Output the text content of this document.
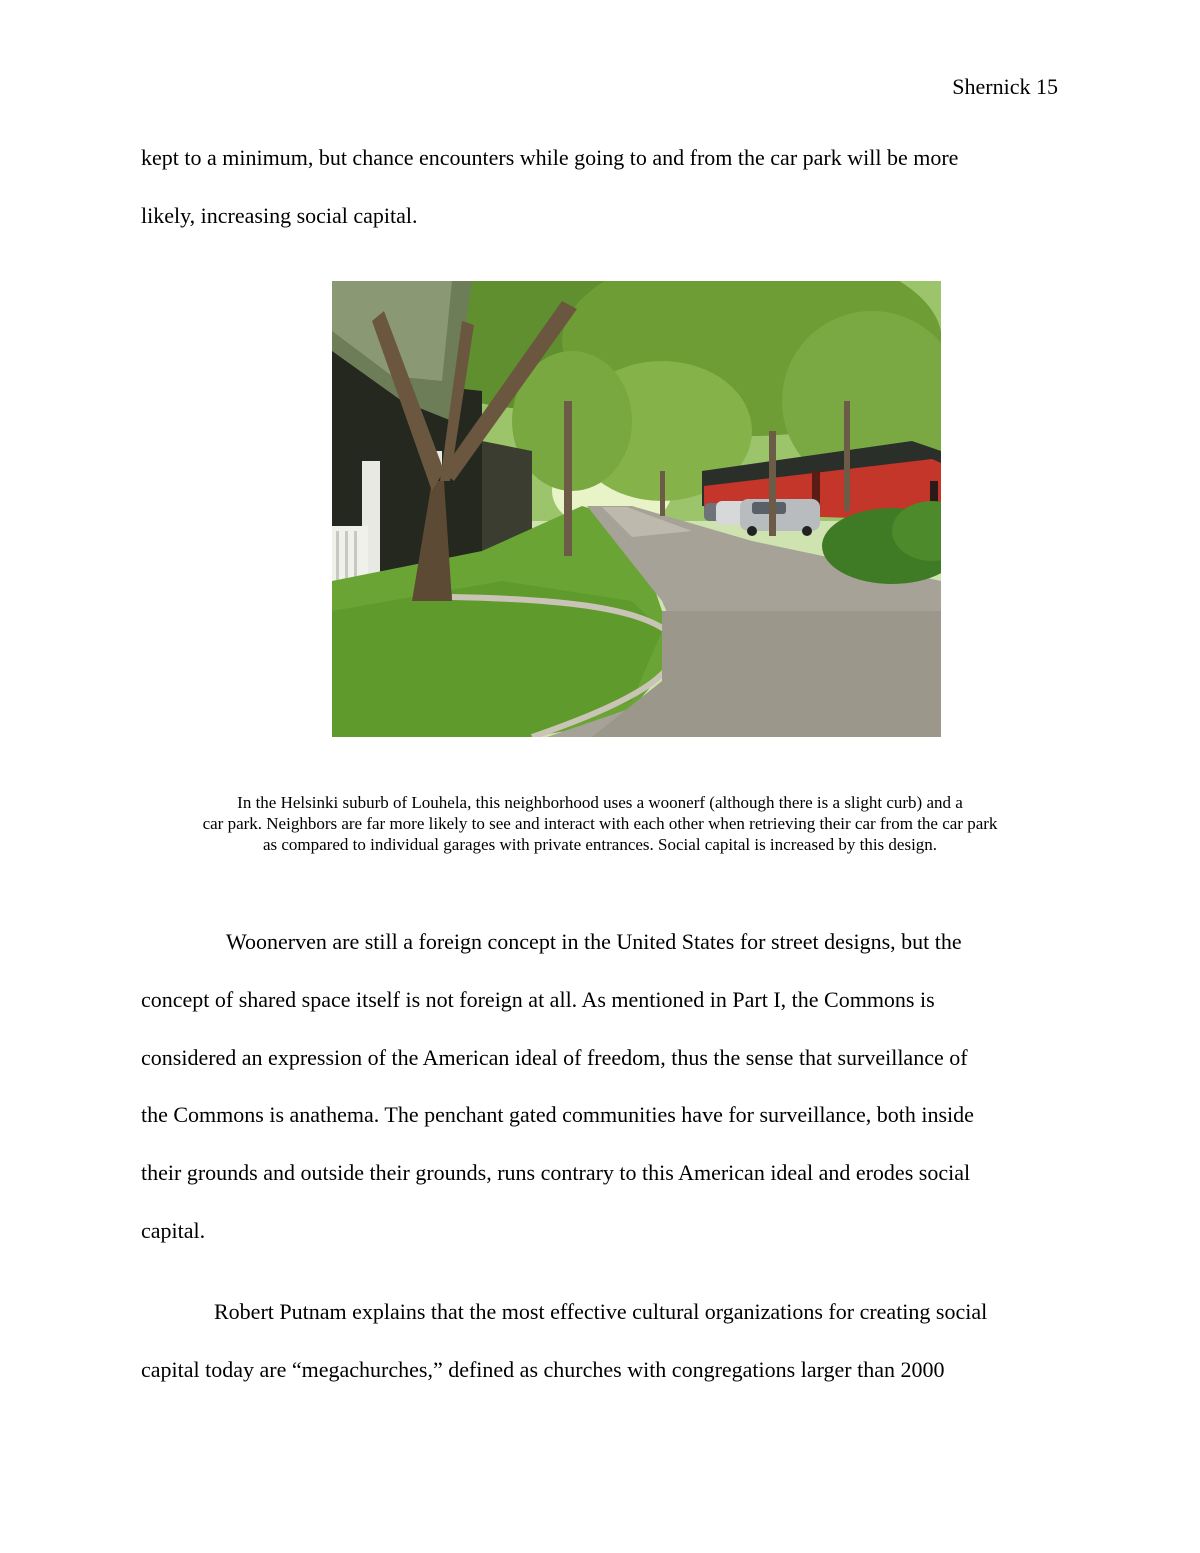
Shernick 15
kept to a minimum, but chance encounters while going to and from the car park will be more
likely, increasing social capital.
In the Helsinki suburb of Louhela, this neighborhood uses a woonerf (although there is a slight curb) and a
car park. Neighbors are far more likely to see and interact with each other when retrieving their car from the car park
as compared to individual garages with private entrances. Social capital is increased by this design.
Woonerven are still a foreign concept in the United States for street designs, but the
concept of shared space itself is not foreign at all. As mentioned in Part I, the Commons is
considered an expression of the American ideal of freedom, thus the sense that surveillance of
the Commons is anathema. The penchant gated communities have for surveillance, both inside
their grounds and outside their grounds, runs contrary to this American ideal and erodes social
capital.
Robert Putnam explains that the most effective cultural organizations for creating social
capital today are “megachurches,” defined as churches with congregations larger than 2000
